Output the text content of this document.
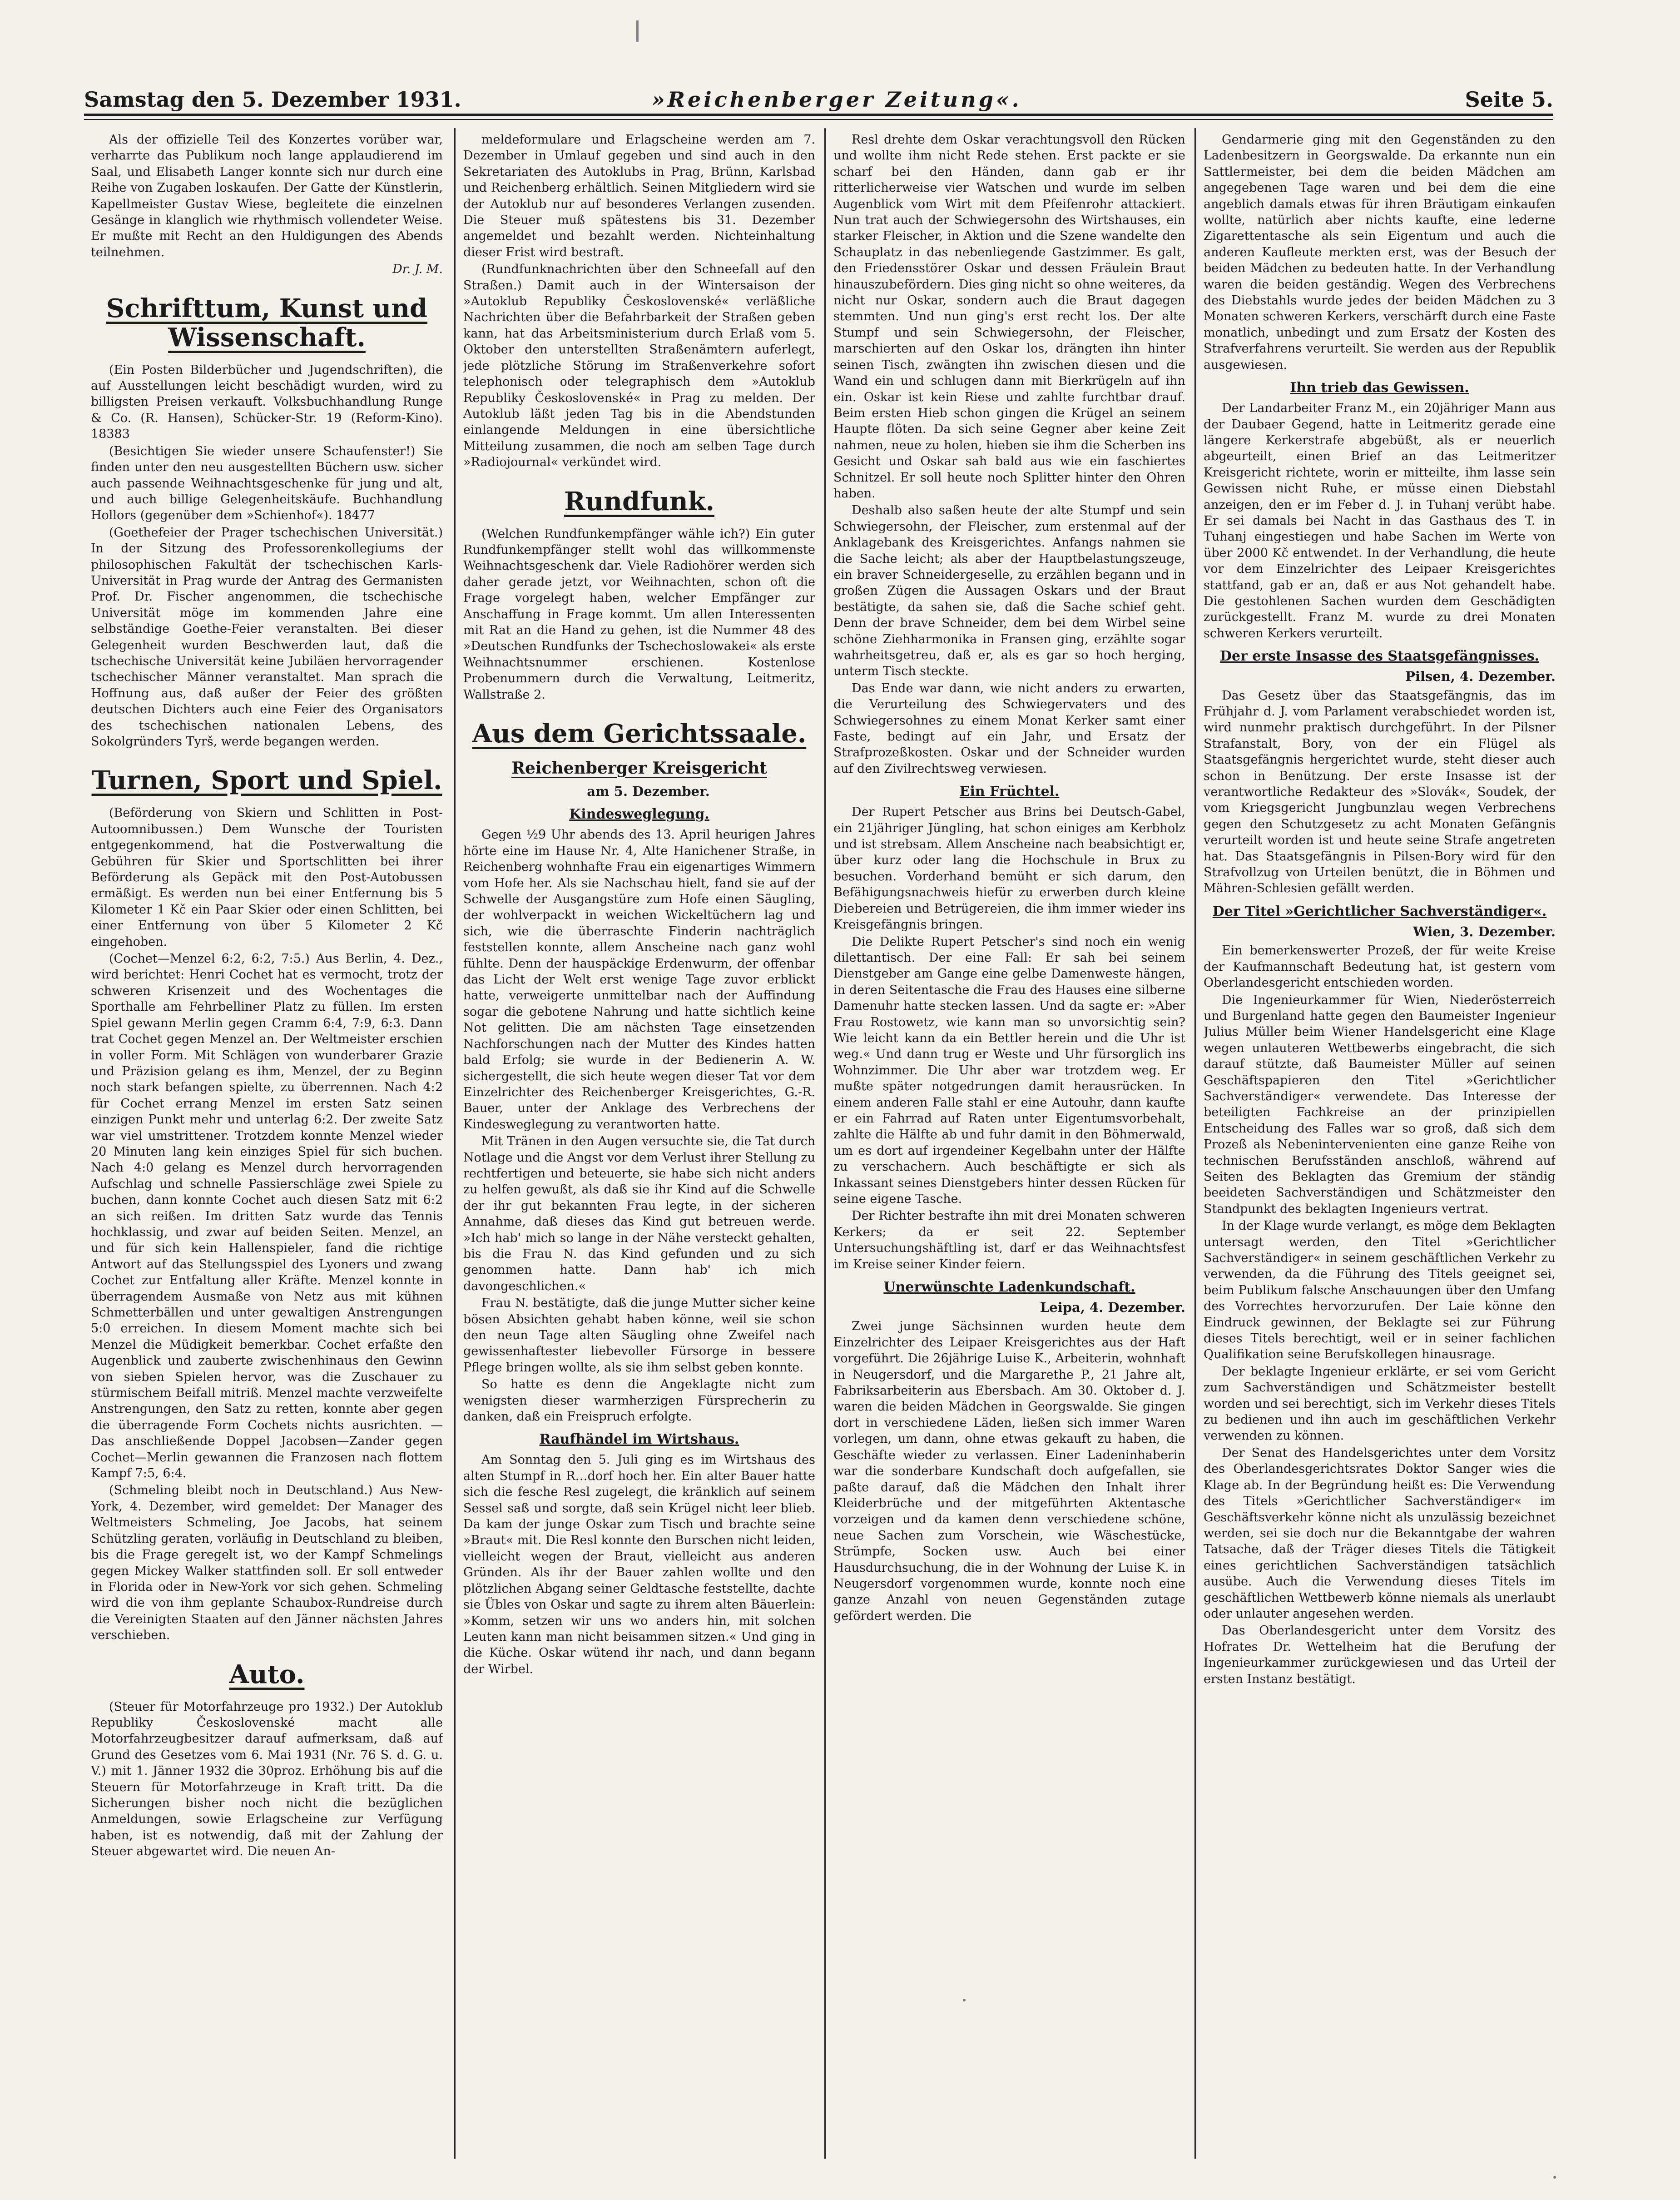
Samstag den 5. Dezember 1931.	»Reichenberger Zeitung«.	Seite 5.

Als der offizielle Teil des Konzertes vorüber war, verharrte das Publikum noch lange applaudierend im Saal, und Elisabeth Langer konnte sich nur durch eine Reihe von Zugaben loskaufen. Der Gatte der Künstlerin, Kapellmeister Gustav Wiese, begleitete die einzelnen Gesänge in klanglich wie rhythmisch vollendeter Weise. Er mußte mit Recht an den Huldigungen des Abends teilnehmen.

Dr. J. M.

Schrifttum, Kunst und Wissenschaft.

(Ein Posten Bilderbücher und Jugendschriften), die auf Ausstellungen leicht beschädigt wurden, wird zu billigsten Preisen verkauft. Volksbuchhandlung Runge & Co. (R. Hansen), Schücker-Str. 19 (Reform-Kino). 18383

(Besichtigen Sie wieder unsere Schaufenster!) Sie finden unter den neu ausgestellten Büchern usw. sicher auch passende Weihnachtsgeschenke für jung und alt, und auch billige Gelegenheitskäufe. Buchhandlung Hollors (gegenüber dem »Schienhof«). 18477

(Goethefeier der Prager tschechischen Universität.) In der Sitzung des Professorenkollegiums der philosophischen Fakultät der tschechischen Karls-Universität in Prag wurde der Antrag des Germanisten Prof. Dr. Fischer angenommen, die tschechische Universität möge im kommenden Jahre eine selbständige Goethe-Feier veranstalten. Bei dieser Gelegenheit wurden Beschwerden laut, daß die tschechische Universität keine Jubiläen hervorragender tschechischer Männer veranstaltet. Man sprach die Hoffnung aus, daß außer der Feier des größten deutschen Dichters auch eine Feier des Organisators des tschechischen nationalen Lebens, des Sokolgründers Tyrš, werde begangen werden.

Turnen, Sport und Spiel.

(Beförderung von Skiern und Schlitten in Post-Autoomnibussen.) Dem Wunsche der Touristen entgegenkommend, hat die Postverwaltung die Gebühren für Skier und Sportschlitten bei ihrer Beförderung als Gepäck mit den Post-Autobussen ermäßigt. Es werden nun bei einer Entfernung bis 5 Kilometer 1 Kč ein Paar Skier oder einen Schlitten, bei einer Entfernung von über 5 Kilometer 2 Kč eingehoben.

(Cochet—Menzel 6:2, 6:2, 7:5.) Aus Berlin, 4. Dez., wird berichtet: Henri Cochet hat es vermocht, trotz der schweren Krisenzeit und des Wochentages die Sporthalle am Fehrbelliner Platz zu füllen. Im ersten Spiel gewann Merlin gegen Cramm 6:4, 7:9, 6:3. Dann trat Cochet gegen Menzel an. Der Weltmeister erschien in voller Form. Mit Schlägen von wunderbarer Grazie und Präzision gelang es ihm, Menzel, der zu Beginn noch stark befangen spielte, zu überrennen. Nach 4:2 für Cochet errang Menzel im ersten Satz seinen einzigen Punkt mehr und unterlag 6:2. Der zweite Satz war viel umstrittener. Trotzdem konnte Menzel wieder 20 Minuten lang kein einziges Spiel für sich buchen. Nach 4:0 gelang es Menzel durch hervorragenden Aufschlag und schnelle Passierschläge zwei Spiele zu buchen, dann konnte Cochet auch diesen Satz mit 6:2 an sich reißen. Im dritten Satz wurde das Tennis hochklassig, und zwar auf beiden Seiten. Menzel, an und für sich kein Hallenspieler, fand die richtige Antwort auf das Stellungsspiel des Lyoners und zwang Cochet zur Entfaltung aller Kräfte. Menzel konnte in überragendem Ausmaße von Netz aus mit kühnen Schmetterbällen und unter gewaltigen Anstrengungen 5:0 erreichen. In diesem Moment machte sich bei Menzel die Müdigkeit bemerkbar. Cochet erfaßte den Augenblick und zauberte zwischenhinaus den Gewinn von sieben Spielen hervor, was die Zuschauer zu stürmischem Beifall mitriß. Menzel machte verzweifelte Anstrengungen, den Satz zu retten, konnte aber gegen die überragende Form Cochets nichts ausrichten. — Das anschließende Doppel Jacobsen—Zander gegen Cochet—Merlin gewannen die Franzosen nach flottem Kampf 7:5, 6:4.

(Schmeling bleibt noch in Deutschland.) Aus New-York, 4. Dezember, wird gemeldet: Der Manager des Weltmeisters Schmeling, Joe Jacobs, hat seinem Schützling geraten, vorläufig in Deutschland zu bleiben, bis die Frage geregelt ist, wo der Kampf Schmelings gegen Mickey Walker stattfinden soll. Er soll entweder in Florida oder in New-York vor sich gehen. Schmeling wird die von ihm geplante Schaubox-Rundreise durch die Vereinigten Staaten auf den Jänner nächsten Jahres verschieben.

Auto.

(Steuer für Motorfahrzeuge pro 1932.) Der Autoklub Republiky Československé macht alle Motorfahrzeugbesitzer darauf aufmerksam, daß auf Grund des Gesetzes vom 6. Mai 1931 (Nr. 76 S. d. G. u. V.) mit 1. Jänner 1932 die 30proz. Erhöhung bis auf die Steuern für Motorfahrzeuge in Kraft tritt. Da die Sicherungen bisher noch nicht die bezüglichen Anmeldungen, sowie Erlagscheine zur Verfügung haben, ist es notwendig, daß mit der Zahlung der Steuer abgewartet wird. Die neuen An-

meldeformulare und Erlagscheine werden am 7. Dezember in Umlauf gegeben und sind auch in den Sekretariaten des Autoklubs in Prag, Brünn, Karlsbad und Reichenberg erhältlich. Seinen Mitgliedern wird sie der Autoklub nur auf besonderes Verlangen zusenden. Die Steuer muß spätestens bis 31. Dezember angemeldet und bezahlt werden. Nichteinhaltung dieser Frist wird bestraft.

(Rundfunknachrichten über den Schneefall auf den Straßen.) Damit auch in der Wintersaison der »Autoklub Republiky Československé« verläßliche Nachrichten über die Befahrbarkeit der Straßen geben kann, hat das Arbeitsministerium durch Erlaß vom 5. Oktober den unterstellten Straßenämtern auferlegt, jede plötzliche Störung im Straßenverkehre sofort telephonisch oder telegraphisch dem »Autoklub Republiky Československé« in Prag zu melden. Der Autoklub läßt jeden Tag bis in die Abendstunden einlangende Meldungen in eine übersichtliche Mitteilung zusammen, die noch am selben Tage durch »Radiojournal« verkündet wird.

Rundfunk.

(Welchen Rundfunkempfänger wähle ich?) Ein guter Rundfunkempfänger stellt wohl das willkommenste Weihnachtsgeschenk dar. Viele Radiohörer werden sich daher gerade jetzt, vor Weihnachten, schon oft die Frage vorgelegt haben, welcher Empfänger zur Anschaffung in Frage kommt. Um allen Interessenten mit Rat an die Hand zu gehen, ist die Nummer 48 des »Deutschen Rundfunks der Tschechoslowakei« als erste Weihnachtsnummer erschienen. Kostenlose Probenummern durch die Verwaltung, Leitmeritz, Wallstraße 2.

Aus dem Gerichtssaale.
Reichenberger Kreisgericht

am 5. Dezember.

Kindesweglegung.

Gegen ½9 Uhr abends des 13. April heurigen Jahres hörte eine im Hause Nr. 4, Alte Hanichener Straße, in Reichenberg wohnhafte Frau ein eigenartiges Wimmern vom Hofe her. Als sie Nachschau hielt, fand sie auf der Schwelle der Ausgangstüre zum Hofe einen Säugling, der wohlverpackt in weichen Wickeltüchern lag und sich, wie die überraschte Finderin nachträglich feststellen konnte, allem Anscheine nach ganz wohl fühlte. Denn der hauspäckige Erdenwurm, der offenbar das Licht der Welt erst wenige Tage zuvor erblickt hatte, verweigerte unmittelbar nach der Auffindung sogar die gebotene Nahrung und hatte sichtlich keine Not gelitten. Die am nächsten Tage einsetzenden Nachforschungen nach der Mutter des Kindes hatten bald Erfolg; sie wurde in der Bedienerin A. W. sichergestellt, die sich heute wegen dieser Tat vor dem Einzelrichter des Reichenberger Kreisgerichtes, G.-R. Bauer, unter der Anklage des Verbrechens der Kindesweglegung zu verantworten hatte.

Mit Tränen in den Augen versuchte sie, die Tat durch Notlage und die Angst vor dem Verlust ihrer Stellung zu rechtfertigen und beteuerte, sie habe sich nicht anders zu helfen gewußt, als daß sie ihr Kind auf die Schwelle der ihr gut bekannten Frau legte, in der sicheren Annahme, daß dieses das Kind gut betreuen werde. »Ich hab' mich so lange in der Nähe versteckt gehalten, bis die Frau N. das Kind gefunden und zu sich genommen hatte. Dann hab' ich mich davongeschlichen.«

Frau N. bestätigte, daß die junge Mutter sicher keine bösen Absichten gehabt haben könne, weil sie schon den neun Tage alten Säugling ohne Zweifel nach gewissenhaftester liebevoller Fürsorge in bessere Pflege bringen wollte, als sie ihm selbst geben konnte.

So hatte es denn die Angeklagte nicht zum wenigsten dieser warmherzigen Fürsprecherin zu danken, daß ein Freispruch erfolgte.

Raufhändel im Wirtshaus.

Am Sonntag den 5. Juli ging es im Wirtshaus des alten Stumpf in R…dorf hoch her. Ein alter Bauer hatte sich die fesche Resl zugelegt, die kränklich auf seinem Sessel saß und sorgte, daß sein Krügel nicht leer blieb. Da kam der junge Oskar zum Tisch und brachte seine »Braut« mit. Die Resl konnte den Burschen nicht leiden, vielleicht wegen der Braut, vielleicht aus anderen Gründen. Als ihr der Bauer zahlen wollte und den plötzlichen Abgang seiner Geldtasche feststellte, dachte sie Übles von Oskar und sagte zu ihrem alten Bäuerlein: »Komm, setzen wir uns wo anders hin, mit solchen Leuten kann man nicht beisammen sitzen.« Und ging in die Küche. Oskar wütend ihr nach, und dann begann der Wirbel.

Resl drehte dem Oskar verachtungsvoll den Rücken und wollte ihm nicht Rede stehen. Erst packte er sie scharf bei den Händen, dann gab er ihr ritterlicherweise vier Watschen und wurde im selben Augenblick vom Wirt mit dem Pfeifenrohr attackiert. Nun trat auch der Schwiegersohn des Wirtshauses, ein starker Fleischer, in Aktion und die Szene wandelte den Schauplatz in das nebenliegende Gastzimmer. Es galt, den Friedensstörer Oskar und dessen Fräulein Braut hinauszubefördern. Dies ging nicht so ohne weiteres, da nicht nur Oskar, sondern auch die Braut dagegen stemmten. Und nun ging's erst recht los. Der alte Stumpf und sein Schwiegersohn, der Fleischer, marschierten auf den Oskar los, drängten ihn hinter seinen Tisch, zwängten ihn zwischen diesen und die Wand ein und schlugen dann mit Bierkrügeln auf ihn ein. Oskar ist kein Riese und zahlte furchtbar drauf. Beim ersten Hieb schon gingen die Krügel an seinem Haupte flöten. Da sich seine Gegner aber keine Zeit nahmen, neue zu holen, hieben sie ihm die Scherben ins Gesicht und Oskar sah bald aus wie ein faschiertes Schnitzel. Er soll heute noch Splitter hinter den Ohren haben.

Deshalb also saßen heute der alte Stumpf und sein Schwiegersohn, der Fleischer, zum erstenmal auf der Anklagebank des Kreisgerichtes. Anfangs nahmen sie die Sache leicht; als aber der Hauptbelastungszeuge, ein braver Schneidergeselle, zu erzählen begann und in großen Zügen die Aussagen Oskars und der Braut bestätigte, da sahen sie, daß die Sache schief geht. Denn der brave Schneider, dem bei dem Wirbel seine schöne Ziehharmonika in Fransen ging, erzählte sogar wahrheitsgetreu, daß er, als es gar so hoch herging, unterm Tisch steckte.

Das Ende war dann, wie nicht anders zu erwarten, die Verurteilung des Schwiegervaters und des Schwiegersohnes zu einem Monat Kerker samt einer Faste, bedingt auf ein Jahr, und Ersatz der Strafprozeßkosten. Oskar und der Schneider wurden auf den Zivilrechtsweg verwiesen.

Ein Früchtel.

Der Rupert Petscher aus Brins bei Deutsch-Gabel, ein 21jähriger Jüngling, hat schon einiges am Kerbholz und ist strebsam. Allem Anscheine nach beabsichtigt er, über kurz oder lang die Hochschule in Brux zu besuchen. Vorderhand bemüht er sich darum, den Befähigungsnachweis hiefür zu erwerben durch kleine Diebereien und Betrügereien, die ihm immer wieder ins Kreisgefängnis bringen.

Die Delikte Rupert Petscher's sind noch ein wenig dilettantisch. Der eine Fall: Er sah bei seinem Dienstgeber am Gange eine gelbe Damenweste hängen, in deren Seitentasche die Frau des Hauses eine silberne Damenuhr hatte stecken lassen. Und da sagte er: »Aber Frau Rostowetz, wie kann man so unvorsichtig sein? Wie leicht kann da ein Bettler herein und die Uhr ist weg.« Und dann trug er Weste und Uhr fürsorglich ins Wohnzimmer. Die Uhr aber war trotzdem weg. Er mußte später notgedrungen damit herausrücken. In einem anderen Falle stahl er eine Autouhr, dann kaufte er ein Fahrrad auf Raten unter Eigentumsvorbehalt, zahlte die Hälfte ab und fuhr damit in den Böhmerwald, um es dort auf irgendeiner Kegelbahn unter der Hälfte zu verschachern. Auch beschäftigte er sich als Inkassant seines Dienstgebers hinter dessen Rücken für seine eigene Tasche.

Der Richter bestrafte ihn mit drei Monaten schweren Kerkers; da er seit 22. September Untersuchungshäftling ist, darf er das Weihnachtsfest im Kreise seiner Kinder feiern.

Unerwünschte Ladenkundschaft.

Leipa, 4. Dezember.

Zwei junge Sächsinnen wurden heute dem Einzelrichter des Leipaer Kreisgerichtes aus der Haft vorgeführt. Die 26jährige Luise K., Arbeiterin, wohnhaft in Neugersdorf, und die Margarethe P., 21 Jahre alt, Fabriksarbeiterin aus Ebersbach. Am 30. Oktober d. J. waren die beiden Mädchen in Georgswalde. Sie gingen dort in verschiedene Läden, ließen sich immer Waren vorlegen, um dann, ohne etwas gekauft zu haben, die Geschäfte wieder zu verlassen. Einer Ladeninhaberin war die sonderbare Kundschaft doch aufgefallen, sie paßte darauf, daß die Mädchen den Inhalt ihrer Kleiderbrüche und der mitgeführten Aktentasche vorzeigen und da kamen denn verschiedene schöne, neue Sachen zum Vorschein, wie Wäschestücke, Strümpfe, Socken usw. Auch bei einer Hausdurchsuchung, die in der Wohnung der Luise K. in Neugersdorf vorgenommen wurde, konnte noch eine ganze Anzahl von neuen Gegenständen zutage gefördert werden. Die

Gendarmerie ging mit den Gegenständen zu den Ladenbesitzern in Georgswalde. Da erkannte nun ein Sattlermeister, bei dem die beiden Mädchen am angegebenen Tage waren und bei dem die eine angeblich damals etwas für ihren Bräutigam einkaufen wollte, natürlich aber nichts kaufte, eine lederne Zigarettentasche als sein Eigentum und auch die anderen Kaufleute merkten erst, was der Besuch der beiden Mädchen zu bedeuten hatte. In der Verhandlung waren die beiden geständig. Wegen des Verbrechens des Diebstahls wurde jedes der beiden Mädchen zu 3 Monaten schweren Kerkers, verschärft durch eine Faste monatlich, unbedingt und zum Ersatz der Kosten des Strafverfahrens verurteilt. Sie werden aus der Republik ausgewiesen.

Ihn trieb das Gewissen.

Der Landarbeiter Franz M., ein 20jähriger Mann aus der Daubaer Gegend, hatte in Leitmeritz gerade eine längere Kerkerstrafe abgebüßt, als er neuerlich abgeurteilt, einen Brief an das Leitmeritzer Kreisgericht richtete, worin er mitteilte, ihm lasse sein Gewissen nicht Ruhe, er müsse einen Diebstahl anzeigen, den er im Feber d. J. in Tuhanj verübt habe. Er sei damals bei Nacht in das Gasthaus des T. in Tuhanj eingestiegen und habe Sachen im Werte von über 2000 Kč entwendet. In der Verhandlung, die heute vor dem Einzelrichter des Leipaer Kreisgerichtes stattfand, gab er an, daß er aus Not gehandelt habe. Die gestohlenen Sachen wurden dem Geschädigten zurückgestellt. Franz M. wurde zu drei Monaten schweren Kerkers verurteilt.

Der erste Insasse des Staatsgefängnisses.

Pilsen, 4. Dezember.

Das Gesetz über das Staatsgefängnis, das im Frühjahr d. J. vom Parlament verabschiedet worden ist, wird nunmehr praktisch durchgeführt. In der Pilsner Strafanstalt, Bory, von der ein Flügel als Staatsgefängnis hergerichtet wurde, steht dieser auch schon in Benützung. Der erste Insasse ist der verantwortliche Redakteur des »Slovák«, Soudek, der vom Kriegsgericht Jungbunzlau wegen Verbrechens gegen den Schutzgesetz zu acht Monaten Gefängnis verurteilt worden ist und heute seine Strafe angetreten hat. Das Staatsgefängnis in Pilsen-Bory wird für den Strafvollzug von Urteilen benützt, die in Böhmen und Mähren-Schlesien gefällt werden.

Der Titel »Gerichtlicher Sachverständiger«.

Wien, 3. Dezember.

Ein bemerkenswerter Prozeß, der für weite Kreise der Kaufmannschaft Bedeutung hat, ist gestern vom Oberlandesgericht entschieden worden.

Die Ingenieurkammer für Wien, Niederösterreich und Burgenland hatte gegen den Baumeister Ingenieur Julius Müller beim Wiener Handelsgericht eine Klage wegen unlauteren Wettbewerbs eingebracht, die sich darauf stützte, daß Baumeister Müller auf seinen Geschäftspapieren den Titel »Gerichtlicher Sachverständiger« verwendete. Das Interesse der beteiligten Fachkreise an der prinzipiellen Entscheidung des Falles war so groß, daß sich dem Prozeß als Nebenintervenienten eine ganze Reihe von technischen Berufsständen anschloß, während auf Seiten des Beklagten das Gremium der ständig beeideten Sachverständigen und Schätzmeister den Standpunkt des beklagten Ingenieurs vertrat.

In der Klage wurde verlangt, es möge dem Beklagten untersagt werden, den Titel »Gerichtlicher Sachverständiger« in seinem geschäftlichen Verkehr zu verwenden, da die Führung des Titels geeignet sei, beim Publikum falsche Anschauungen über den Umfang des Vorrechtes hervorzurufen. Der Laie könne den Eindruck gewinnen, der Beklagte sei zur Führung dieses Titels berechtigt, weil er in seiner fachlichen Qualifikation seine Berufskollegen hinausrage.

Der beklagte Ingenieur erklärte, er sei vom Gericht zum Sachverständigen und Schätzmeister bestellt worden und sei berechtigt, sich im Verkehr dieses Titels zu bedienen und ihn auch im geschäftlichen Verkehr verwenden zu können.

Der Senat des Handelsgerichtes unter dem Vorsitz des Oberlandesgerichtsrates Doktor Sanger wies die Klage ab. In der Begründung heißt es: Die Verwendung des Titels »Gerichtlicher Sachverständiger« im Geschäftsverkehr könne nicht als unzulässig bezeichnet werden, sei sie doch nur die Bekanntgabe der wahren Tatsache, daß der Träger dieses Titels die Tätigkeit eines gerichtlichen Sachverständigen tatsächlich ausübe. Auch die Verwendung dieses Titels im geschäftlichen Wettbewerb könne niemals als unerlaubt oder unlauter angesehen werden.

Das Oberlandesgericht unter dem Vorsitz des Hofrates Dr. Wettelheim hat die Berufung der Ingenieurkammer zurückgewiesen und das Urteil der ersten Instanz bestätigt.
